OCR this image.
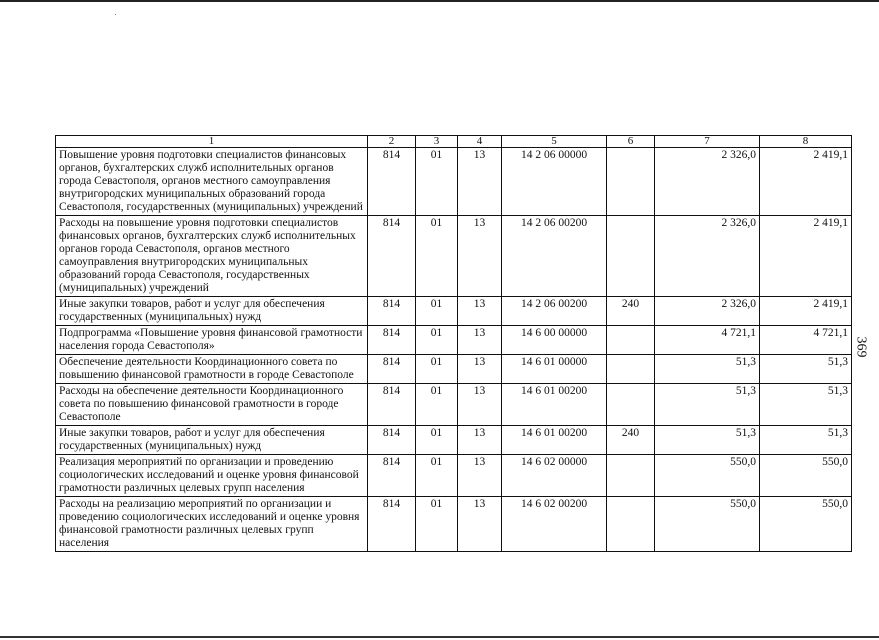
1	2	3	4	5	6	7	8
Повышение уровня подготовки специалистов финансовых органов, бухгалтерских служб исполнительных органов города Севастополя, органов местного самоуправления внутригородских муниципальных образований города Севастополя, государственных (муниципальных) учреждений	814	01	13	14 2 06 00000		2 326,0	2 419,1
Расходы на повышение уровня подготовки специалистов финансовых органов, бухгалтерских служб исполнительных органов города Севастополя, органов местного самоуправления внутригородских муниципальных образований города Севастополя, государственных (муниципальных) учреждений	814	01	13	14 2 06 00200		2 326,0	2 419,1
Иные закупки товаров, работ и услуг для обеспечения государственных (муниципальных) нужд	814	01	13	14 2 06 00200	240	2 326,0	2 419,1
Подпрограмма «Повышение уровня финансовой грамотности населения города Севастополя»	814	01	13	14 6 00 00000		4 721,1	4 721,1
Обеспечение деятельности Координационного совета по повышению финансовой грамотности в городе Севастополе	814	01	13	14 6 01 00000		51,3	51,3
Расходы на обеспечение деятельности Координационного совета по повышению финансовой грамотности в городе Севастополе	814	01	13	14 6 01 00200		51,3	51,3
Иные закупки товаров, работ и услуг для обеспечения государственных (муниципальных) нужд	814	01	13	14 6 01 00200	240	51,3	51,3
Реализация мероприятий по организации и проведению социологических исследований и оценке уровня финансовой грамотности различных целевых групп населения	814	01	13	14 6 02 00000		550,0	550,0
Расходы на реализацию мероприятий по организации и проведению социологических исследований и оценке уровня финансовой грамотности различных целевых групп населения	814	01	13	14 6 02 00200		550,0	550,0
369
